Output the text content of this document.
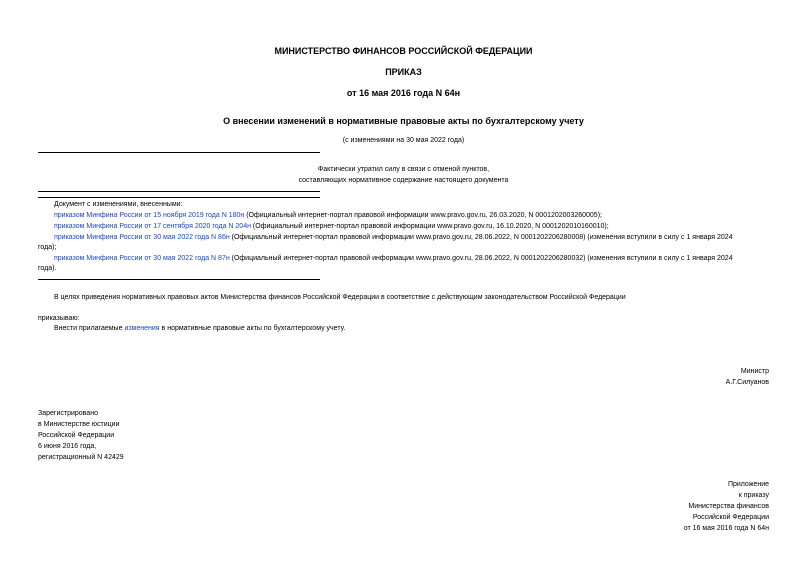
МИНИСТЕРСТВО ФИНАНСОВ РОССИЙСКОЙ ФЕДЕРАЦИИ
ПРИКАЗ
от 16 мая 2016 года N 64н
О внесении изменений в нормативные правовые акты по бухгалтерскому учету
(с изменениями на 30 мая 2022 года)
Фактически утратил силу в связи с отменой пунктов,
составляющих нормативное содержание настоящего документа
Документ с изменениями, внесенными:
приказом Минфина России от 15 ноября 2019 года N 180н (Официальный интернет-портал правовой информации www.pravo.gov.ru, 26.03.2020, N 0001202003260005);
приказом Минфина России от 17 сентября 2020 года N 204н (Официальный интернет-портал правовой информации www.pravo.gov.ru, 16.10.2020, N 0001202010160010);
приказом Минфина России от 30 мая 2022 года N 86н (Официальный интернет-портал правовой информации www.pravo.gov.ru, 28.06.2022, N 0001202206280008) (изменения вступили в силу с 1 января 2024
года);
приказом Минфина России от 30 мая 2022 года N 87н (Официальный интернет-портал правовой информации www.pravo.gov.ru, 28.06.2022, N 0001202206280032) (изменения вступили в силу с 1 января 2024
года).
В целях приведения нормативных правовых актов Министерства финансов Российской Федерации в соответствие с действующим законодательством Российской Федерации
приказываю:
Внести прилагаемые изменения в нормативные правовые акты по бухгалтерскому учету.
Министр
А.Г.Силуанов
Зарегистрировано
в Министерстве юстиции
Российской Федерации
6 июня 2016 года,
регистрационный N 42429
Приложение
к приказу
Министерства финансов
Российской Федерации
от 16 мая 2016 года N 64н
